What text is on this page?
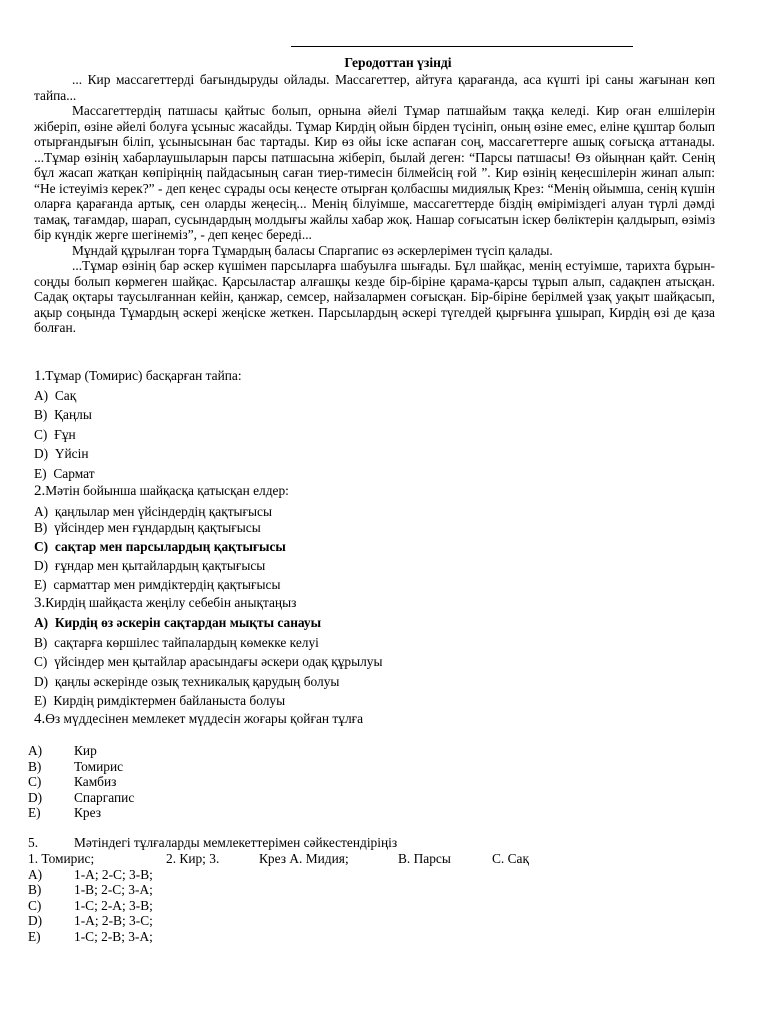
Геродоттан үзінді

... Кир массагеттерді бағындыруды ойлады. Массагеттер, айтуға қарағанда, аса күшті ірі саны жағынан көп тайпа...

Массагеттердің патшасы қайтыс болып, орнына әйелі Тұмар патшайым таққа келеді. Кир оған елшілерін жіберіп, өзіне әйелі болуға ұсыныс жасайды. Тұмар Кирдің ойын бірден түсініп, оның өзіне емес, еліне құштар болып отырғандығын біліп, ұсынысынан бас тартады. Кир өз ойы іске аспаған соң, массагеттерге ашық соғысқа аттанады. ...Тұмар өзінің хабарлаушыларын парсы патшасына жіберіп, былай деген: “Парсы патшасы! Өз ойыңнан қайт. Сенің бұл жасап жатқан көпіріңнің пайдасының саған тиер-тимесін білмейсің ғой ”. Кир өзінің кеңесшілерін жинап алып: “Не істеуіміз керек?” - деп кеңес сұрады осы кеңесте отырған қолбасшы мидиялық Крез: “Менің ойымша, сенің күшін оларға қарағанда артық, сен оларды жеңесің... Менің білуімше, массагеттерде біздің өміріміздегі алуан түрлі дәмді тамақ, тағамдар, шарап, сусындардың молдығы жайлы хабар жоқ. Нашар соғысатын іскер бөліктерін қалдырып, өзіміз бір күндік жерге шегінеміз”, - деп кеңес береді...

Мұндай құрылған торға Тұмардың баласы Спаргапис өз әскерлерімен түсіп қалады.

...Тұмар өзінің бар әскер күшімен парсыларға шабуылға шығады. Бұл шайқас, менің естуімше, тарихта бұрын-соңды болып көрмеген шайқас. Қарсыластар алғашқы кезде бір-біріне қарама-қарсы тұрып алып, садақпен атысқан. Садақ оқтары таусылғаннан кейін, қанжар, семсер, найзалармен соғысқан. Бір-біріне берілмей ұзақ уақыт шайқасып, ақыр соңында Тұмардың әскері жеңіске жеткен. Парсылардың әскері түгелдей қырғынға ұшырап, Кирдің өзі де қаза болған.

1.Тұмар (Томирис) басқарған тайпа:
A) Сақ
B) Қаңлы
C) Ғұн
D) Үйсін
E) Сармат
2.Мәтін бойынша шайқасқа қатысқан елдер:
A) қаңлылар мен үйсіндердің қақтығысы
B) үйсіндер мен ғұндардың қақтығысы
C) сақтар мен парсылардың қақтығысы
D) ғұндар мен қытайлардың қақтығысы
E) сарматтар мен римдіктердің қақтығысы
3.Кирдің шайқаста жеңілу себебін анықтаңыз
A) Кирдің өз әскерін сақтардан мықты санауы
B) сақтарға көршілес тайпалардың көмекке келуі
C) үйсіндер мен қытайлар арасындағы әскери одақ құрылуы
D) қаңлы әскерінде озық техникалық қарудың болуы
E) Кирдің римдіктермен байланыста болуы
4.Өз мүддесінен мемлекет мүддесін жоғары қойған тұлға
A)	Кир
B)	Томирис
C)	Камбиз
D)	Спаргапис
E)	Крез
5.	Мәтіндегі тұлғаларды мемлекеттерімен сәйкестендіріңіз
1. Томирис;	2. Кир; 3.	Крез А. Мидия;	В. Парсы	С. Сақ
A)	1-A; 2-C; 3-B;
B)	1-B; 2-C; 3-A;
C)	1-C; 2-A; 3-B;
D)	1-A; 2-B; 3-C;
E)	1-C; 2-B; 3-A;
